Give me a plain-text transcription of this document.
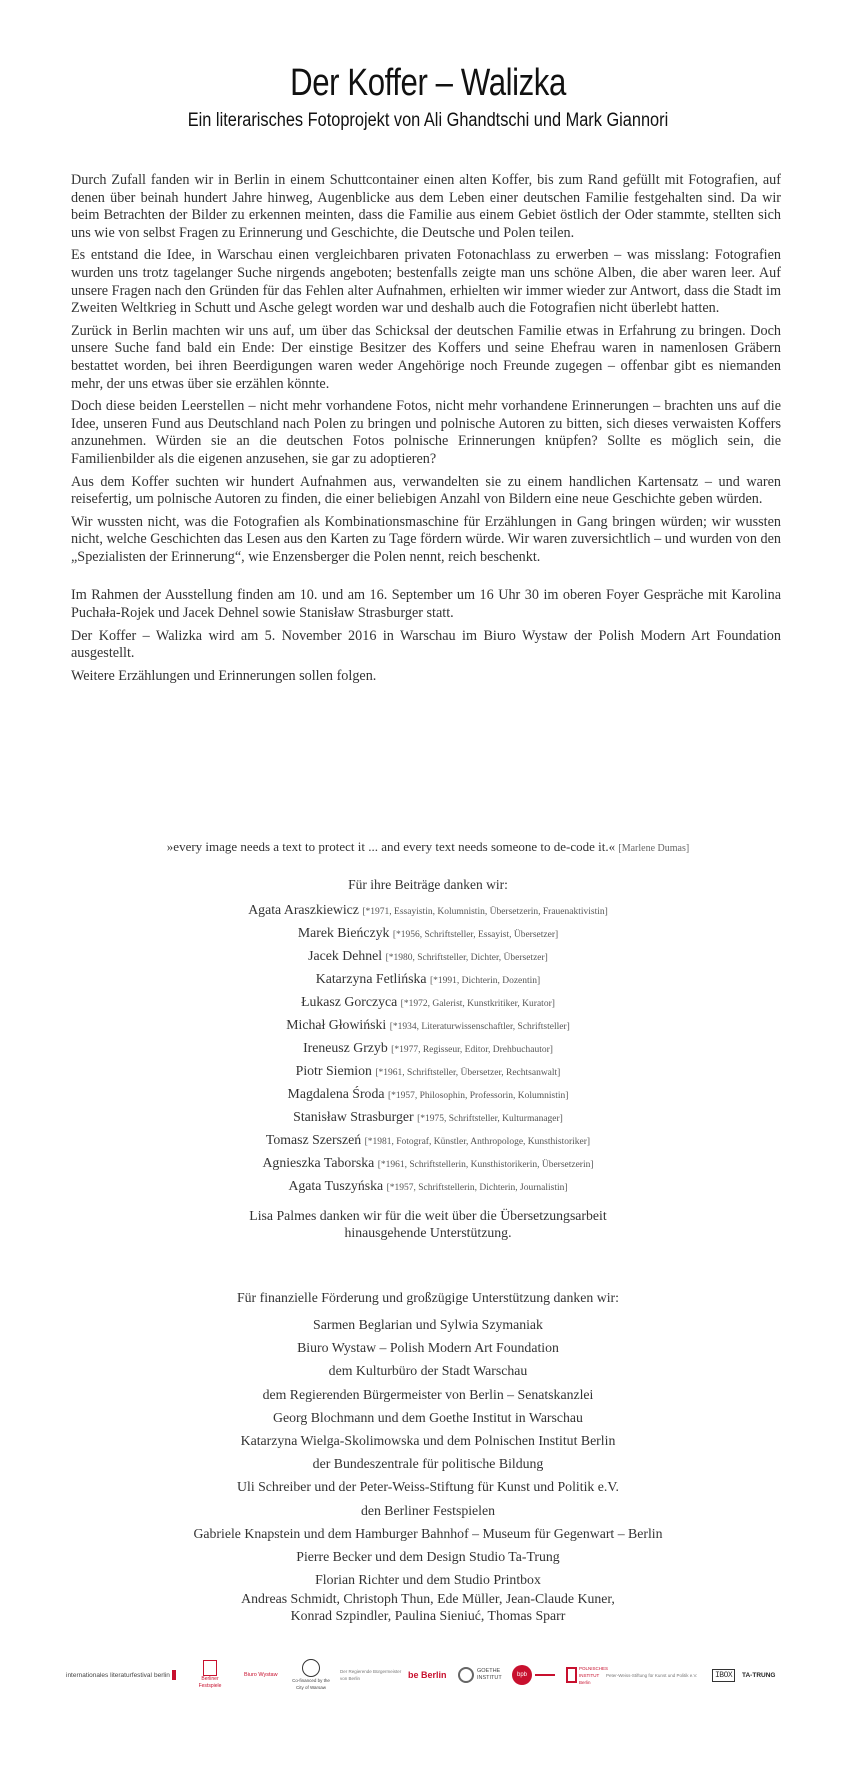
Der Koffer – Walizka
Ein literarisches Fotoprojekt von Ali Ghandtschi und Mark Giannori

Durch Zufall fanden wir in Berlin in einem Schuttcontainer einen alten Koffer, bis zum Rand gefüllt mit Fotografien, auf denen über beinah hundert Jahre hinweg, Augenblicke aus dem Leben einer deutschen Familie festgehalten sind. Da wir beim Betrachten der Bilder zu erkennen meinten, dass die Familie aus einem Gebiet östlich der Oder stammte, stellten sich uns wie von selbst Fragen zu Erinnerung und Geschichte, die Deutsche und Polen teilen.

Es entstand die Idee, in Warschau einen vergleichbaren privaten Fotonachlass zu erwerben – was misslang: Fotografien wurden uns trotz tagelanger Suche nirgends angeboten; bestenfalls zeigte man uns schöne Alben, die aber waren leer. Auf unsere Fragen nach den Gründen für das Fehlen alter Aufnahmen, erhielten wir immer wieder zur Antwort, dass die Stadt im Zweiten Weltkrieg in Schutt und Asche gelegt worden war und deshalb auch die Fotografien nicht überlebt hatten.

Zurück in Berlin machten wir uns auf, um über das Schicksal der deutschen Familie etwas in Erfahrung zu bringen. Doch unsere Suche fand bald ein Ende: Der einstige Besitzer des Koffers und seine Ehefrau waren in namenlosen Gräbern bestattet worden, bei ihren Beerdigungen waren weder Angehörige noch Freunde zugegen – offenbar gibt es niemanden mehr, der uns etwas über sie erzählen könnte.

Doch diese beiden Leerstellen – nicht mehr vorhandene Fotos, nicht mehr vorhandene Erinnerungen – brachten uns auf die Idee, unseren Fund aus Deutschland nach Polen zu bringen und polnische Autoren zu bitten, sich dieses verwaisten Koffers anzunehmen. Würden sie an die deutschen Fotos polnische Erinnerungen knüpfen? Sollte es möglich sein, die Familienbilder als die eigenen anzusehen, sie gar zu adoptieren?

Aus dem Koffer suchten wir hundert Aufnahmen aus, verwandelten sie zu einem handlichen Kartensatz – und waren reisefertig, um polnische Autoren zu finden, die einer beliebigen Anzahl von Bildern eine neue Geschichte geben würden.

Wir wussten nicht, was die Fotografien als Kombinationsmaschine für Erzählungen in Gang bringen würden; wir wussten nicht, welche Geschichten das Lesen aus den Karten zu Tage fördern würde. Wir waren zuversichtlich – und wurden von den „Spezialisten der Erinnerung“, wie Enzensberger die Polen nennt, reich beschenkt.

Im Rahmen der Ausstellung finden am 10. und am 16. September um 16 Uhr 30 im oberen Foyer Gespräche mit Karolina Puchała-Rojek und Jacek Dehnel sowie Stanisław Strasburger statt.

Der Koffer – Walizka wird am 5. November 2016 in Warschau im Biuro Wystaw der Polish Modern Art Foundation ausgestellt.

Weitere Erzählungen und Erinnerungen sollen folgen.

»every image needs a text to protect it ... and every text needs someone to de-code it.« [Marlene Dumas]
Für ihre Beiträge danken wir:
Agata Araszkiewicz [*1971, Essayistin, Kolumnistin, Übersetzerin, Frauenaktivistin]
Marek Bieńczyk [*1956, Schriftsteller, Essayist, Übersetzer]
Jacek Dehnel [*1980, Schriftsteller, Dichter, Übersetzer]
Katarzyna Fetlińska [*1991, Dichterin, Dozentin]
Łukasz Gorczyca [*1972, Galerist, Kunstkritiker, Kurator]
Michał Głowiński [*1934, Literaturwissenschaftler, Schriftsteller]
Ireneusz Grzyb [*1977, Regisseur, Editor, Drehbuchautor]
Piotr Siemion [*1961, Schriftsteller, Übersetzer, Rechtsanwalt]
Magdalena Środa [*1957, Philosophin, Professorin, Kolumnistin]
Stanisław Strasburger [*1975, Schriftsteller, Kulturmanager]
Tomasz Szerszeń [*1981, Fotograf, Künstler, Anthropologe, Kunsthistoriker]
Agnieszka Taborska [*1961, Schriftstellerin, Kunsthistorikerin, Übersetzerin]
Agata Tuszyńska [*1957, Schriftstellerin, Dichterin, Journalistin]
Lisa Palmes danken wir für die weit über die Übersetzungsarbeit
hinausgehende Unterstützung.
Für finanzielle Förderung und großzügige Unterstützung danken wir:
Sarmen Beglarian und Sylwia Szymaniak
Biuro Wystaw – Polish Modern Art Foundation
dem Kulturbüro der Stadt Warschau
dem Regierenden Bürgermeister von Berlin – Senatskanzlei
Georg Blochmann und dem Goethe Institut in Warschau
Katarzyna Wielga-Skolimowska und dem Polnischen Institut Berlin
der Bundeszentrale für politische Bildung
Uli Schreiber und der Peter-Weiss-Stiftung für Kunst und Politik e.V.
den Berliner Festspielen
Gabriele Knapstein und dem Hamburger Bahnhof – Museum für Gegenwart – Berlin
Pierre Becker und dem Design Studio Ta-Trung
Florian Richter und dem Studio Printbox
Andreas Schmidt, Christoph Thun, Ede Müller, Jean-Claude Kuner,
Konrad Szpindler, Paulina Sieniuć, Thomas Sparr
internationales literaturfestival berlin
Berliner Festspiele
Biuro Wystaw
Co-financed by the City of Warsaw
Der Regierende Bürgermeister von Berlin	be Berlin	GOETHE INSTITUT	bpb
POLNISCHES INSTITUT Berlin
Peter-Weiss-Stiftung für Kunst und Politik e.V.	IBOX	TA-TRUNG
